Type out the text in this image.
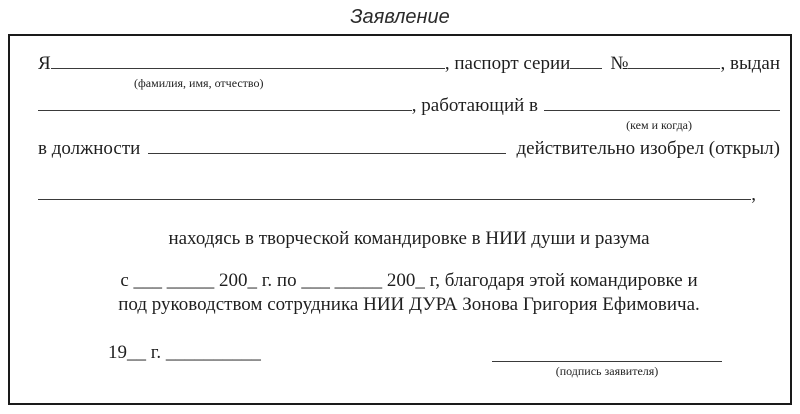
Заявление
Я	, паспорт серии №	, выдан
(фамилия, имя, отчество)
, работающий в
(кем и когда)
в должности	действительно изобрел (открыл)
,
находясь в творческой командировке в НИИ души и разума
с ___ _____ 200_ г. по ___ _____ 200_ г, благодаря этой командировке и
под руководством сотрудника НИИ ДУРА Зонова Григория Ефимовича.
19__ г. __________
(подпись заявителя)
